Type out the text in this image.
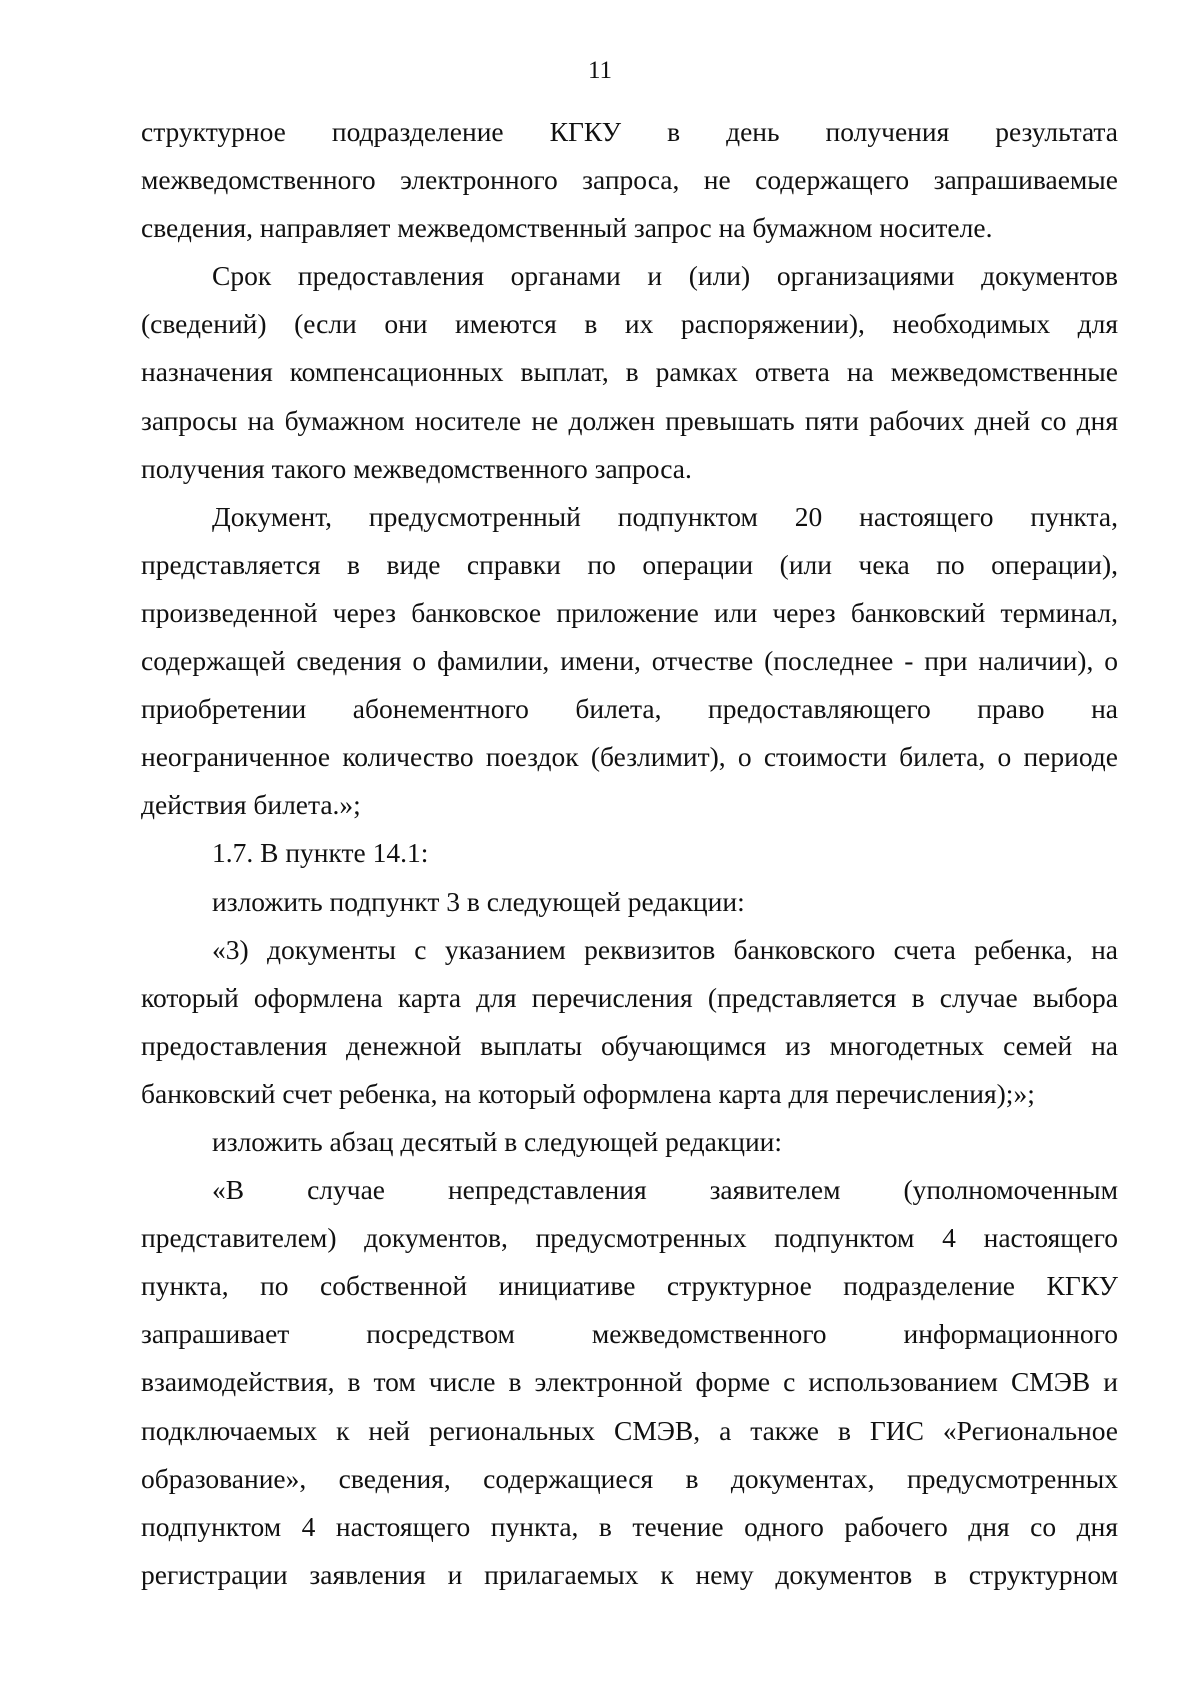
11
структурное подразделение КГКУ в день получения результата
межведомственного электронного запроса, не содержащего запрашиваемые
сведения, направляет межведомственный запрос на бумажном носителе.
Срок предоставления органами и (или) организациями документов
(сведений) (если они имеются в их распоряжении), необходимых для
назначения компенсационных выплат, в рамках ответа на межведомственные
запросы на бумажном носителе не должен превышать пяти рабочих дней со дня
получения такого межведомственного запроса.
Документ, предусмотренный подпунктом 20 настоящего пункта,
представляется в виде справки по операции (или чека по операции),
произведенной через банковское приложение или через банковский терминал,
содержащей сведения о фамилии, имени, отчестве (последнее - при наличии), о
приобретении абонементного билета, предоставляющего право на
неограниченное количество поездок (безлимит), о стоимости билета, о периоде
действия билета.»;
1.7. В пункте 14.1:
изложить подпункт 3 в следующей редакции:
«3) документы с указанием реквизитов банковского счета ребенка, на
который оформлена карта для перечисления (представляется в случае выбора
предоставления денежной выплаты обучающимся из многодетных семей на
банковский счет ребенка, на который оформлена карта для перечисления);»;
изложить абзац десятый в следующей редакции:
«В случае непредставления заявителем (уполномоченным
представителем) документов, предусмотренных подпунктом 4 настоящего
пункта, по собственной инициативе структурное подразделение КГКУ
запрашивает посредством межведомственного информационного
взаимодействия, в том числе в электронной форме с использованием СМЭВ и
подключаемых к ней региональных СМЭВ, а также в ГИС «Региональное
образование», сведения, содержащиеся в документах, предусмотренных
подпунктом 4 настоящего пункта, в течение одного рабочего дня со дня
регистрации заявления и прилагаемых к нему документов в структурном
